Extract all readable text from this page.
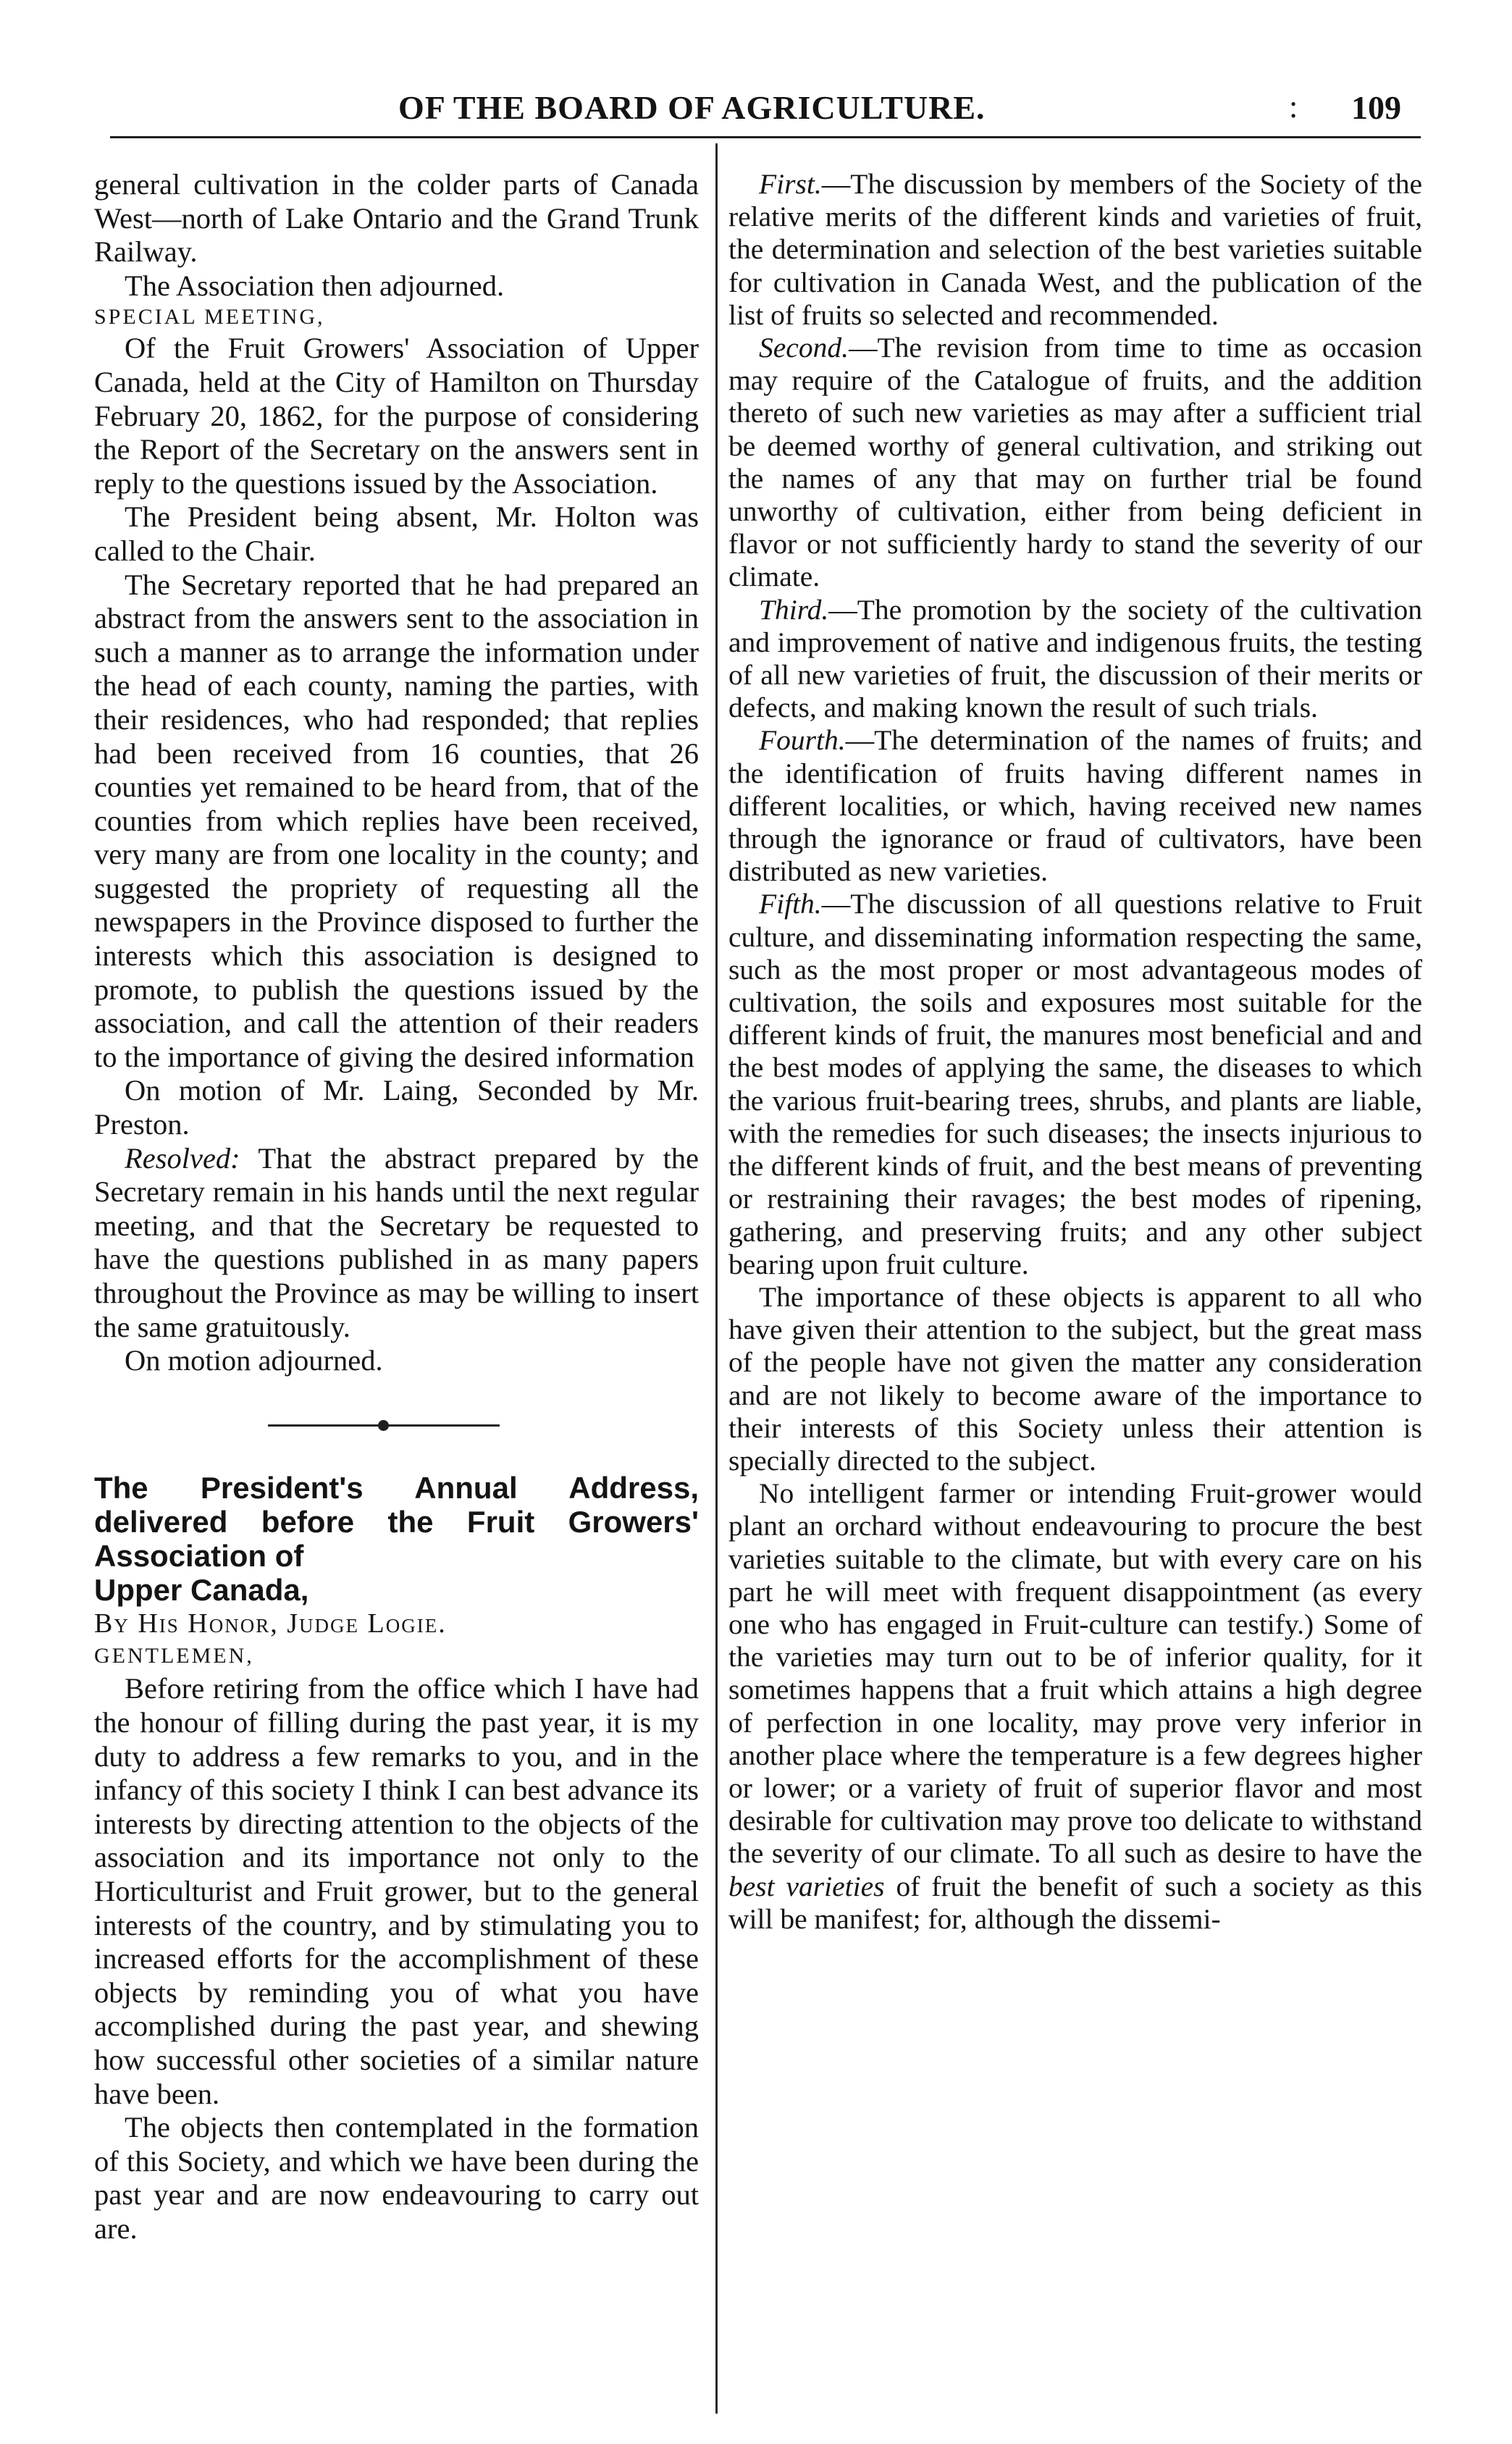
OF THE BOARD OF AGRICULTURE.	: 109

general cultivation in the colder parts of Canada West—north of Lake Ontario and the Grand Trunk Railway.

The Association then adjourned.

SPECIAL MEETING,

Of the Fruit Growers' Association of Upper Canada, held at the City of Hamilton on Thursday February 20, 1862, for the purpose of considering the Report of the Secretary on the answers sent in reply to the questions issued by the Association.

The President being absent, Mr. Holton was called to the Chair.

The Secretary reported that he had prepared an abstract from the answers sent to the association in such a manner as to arrange the information under the head of each county, naming the parties, with their residences, who had responded; that replies had been received from 16 counties, that 26 counties yet remained to be heard from, that of the counties from which replies have been received, very many are from one locality in the county; and suggested the propriety of requesting all the newspapers in the Province disposed to further the interests which this association is designed to promote, to publish the questions issued by the association, and call the attention of their readers to the importance of giving the desired information

On motion of Mr. Laing, Seconded by Mr. Preston.

Resolved: That the abstract prepared by the Secretary remain in his hands until the next regular meeting, and that the Secretary be requested to have the questions published in as many papers throughout the Province as may be willing to insert the same gratuitously.

On motion adjourned.

The President's Annual Address, delivered before the Fruit Growers' Association of
Upper Canada,

By His Honor, Judge Logie.

GENTLEMEN,

Before retiring from the office which I have had the honour of filling during the past year, it is my duty to address a few remarks to you, and in the infancy of this society I think I can best advance its interests by directing attention to the objects of the association and its importance not only to the Horticulturist and Fruit grower, but to the general interests of the country, and by stimulating you to increased efforts for the accomplishment of these objects by reminding you of what you have accomplished during the past year, and shewing how successful other societies of a similar nature have been.

The objects then contemplated in the formation of this Society, and which we have been during the past year and are now endeavouring to carry out are.

First.—The discussion by members of the Society of the relative merits of the different kinds and varieties of fruit, the determination and selection of the best varieties suitable for cultivation in Canada West, and the publication of the list of fruits so selected and recommended.

Second.—The revision from time to time as occasion may require of the Catalogue of fruits, and the addition thereto of such new varieties as may after a sufficient trial be deemed worthy of general cultivation, and striking out the names of any that may on further trial be found unworthy of cultivation, either from being deficient in flavor or not sufficiently hardy to stand the severity of our climate.

Third.—The promotion by the society of the cultivation and improvement of native and indigenous fruits, the testing of all new varieties of fruit, the discussion of their merits or defects, and making known the result of such trials.

Fourth.—The determination of the names of fruits; and the identification of fruits having different names in different localities, or which, having received new names through the ignorance or fraud of cultivators, have been distributed as new varieties.

Fifth.—The discussion of all questions relative to Fruit culture, and disseminating information respecting the same, such as the most proper or most advantageous modes of cultivation, the soils and exposures most suitable for the different kinds of fruit, the manures most beneficial and and the best modes of applying the same, the diseases to which the various fruit-bearing trees, shrubs, and plants are liable, with the remedies for such diseases; the insects injurious to the different kinds of fruit, and the best means of preventing or restraining their ravages; the best modes of ripening, gathering, and preserving fruits; and any other subject bearing upon fruit culture.

The importance of these objects is apparent to all who have given their attention to the subject, but the great mass of the people have not given the matter any consideration and are not likely to become aware of the importance to their interests of this Society unless their attention is specially directed to the subject.

No intelligent farmer or intending Fruit-grower would plant an orchard without endeavouring to procure the best varieties suitable to the climate, but with every care on his part he will meet with frequent disappointment (as every one who has engaged in Fruit-culture can testify.) Some of the varieties may turn out to be of inferior quality, for it sometimes happens that a fruit which attains a high degree of perfection in one locality, may prove very inferior in another place where the temperature is a few degrees higher or lower; or a variety of fruit of superior flavor and most desirable for cultivation may prove too delicate to withstand the severity of our climate. To all such as desire to have the best varieties of fruit the benefit of such a society as this will be manifest; for, although the dissemi-
